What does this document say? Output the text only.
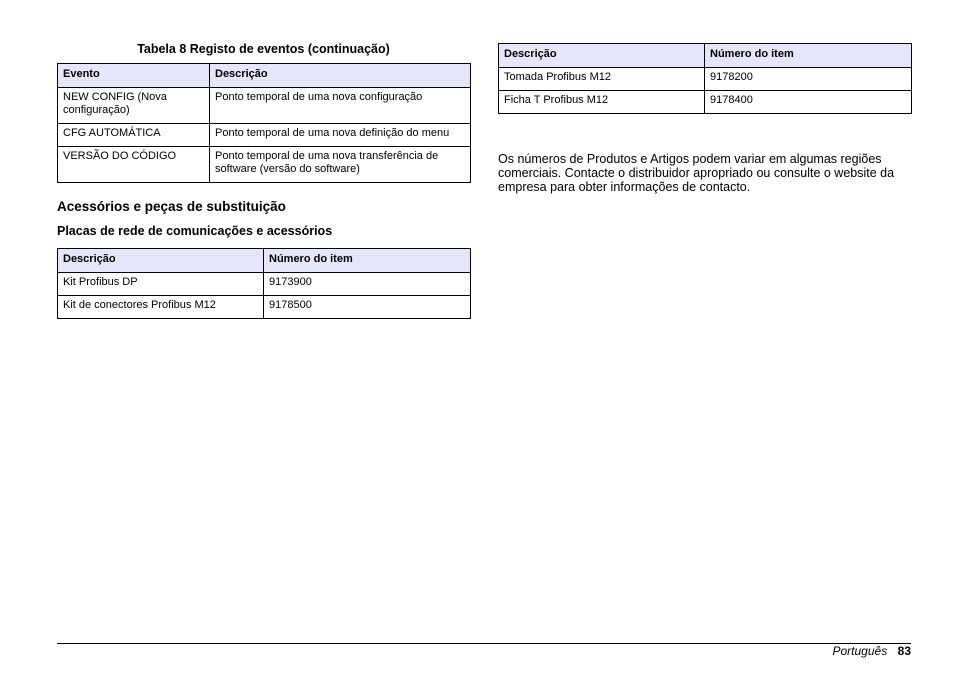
Tabela 8 Registo de eventos (continuação)
Evento	Descrição
NEW CONFIG (Nova configuração)	Ponto temporal de uma nova configuração
CFG AUTOMÁTICA	Ponto temporal de uma nova definição do menu
VERSÃO DO CÓDIGO	Ponto temporal de uma nova transferência de software (versão do software)
Acessórios e peças de substituição
Placas de rede de comunicações e acessórios
Descrição	Número do item
Kit Profibus DP	9173900
Kit de conectores Profibus M12	9178500
Descrição	Número do item
Tomada Profibus M12	9178200
Ficha T Profibus M12	9178400
Os números de Produtos e Artigos podem variar em algumas regiões comerciais. Contacte o distribuidor apropriado ou consulte o website da empresa para obter informações de contacto.
Português 83
